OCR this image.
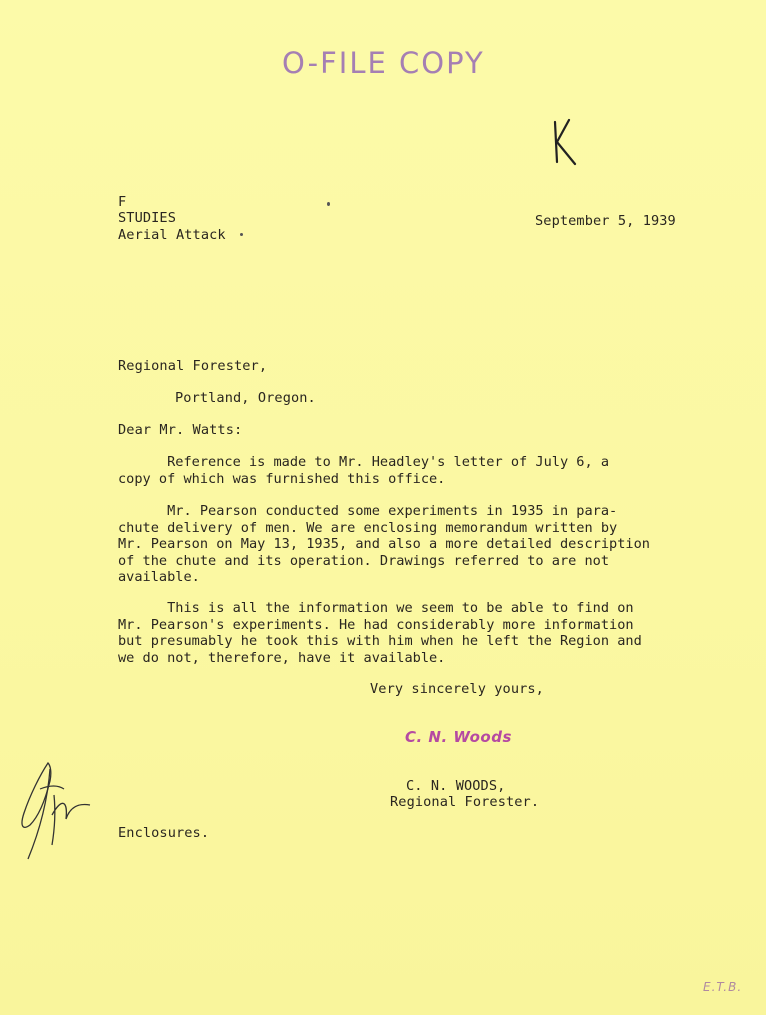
O-FILE COPY
F
STUDIES
Aerial Attack
September 5, 1939
Regional Forester,
Portland, Oregon.
Dear Mr. Watts:
Reference is made to Mr. Headley's letter of July 6, a
copy of which was furnished this office.
Mr. Pearson conducted some experiments in 1935 in para-
chute delivery of men. We are enclosing memorandum written by
Mr. Pearson on May 13, 1935, and also a more detailed description
of the chute and its operation. Drawings referred to are not
available.
This is all the information we seem to be able to find on
Mr. Pearson's experiments. He had considerably more information
but presumably he took this with him when he left the Region and
we do not, therefore, have it available.
Very sincerely yours,
C. N. Woods
C. N. WOODS,
Regional Forester.
Enclosures.
E.T.B.
